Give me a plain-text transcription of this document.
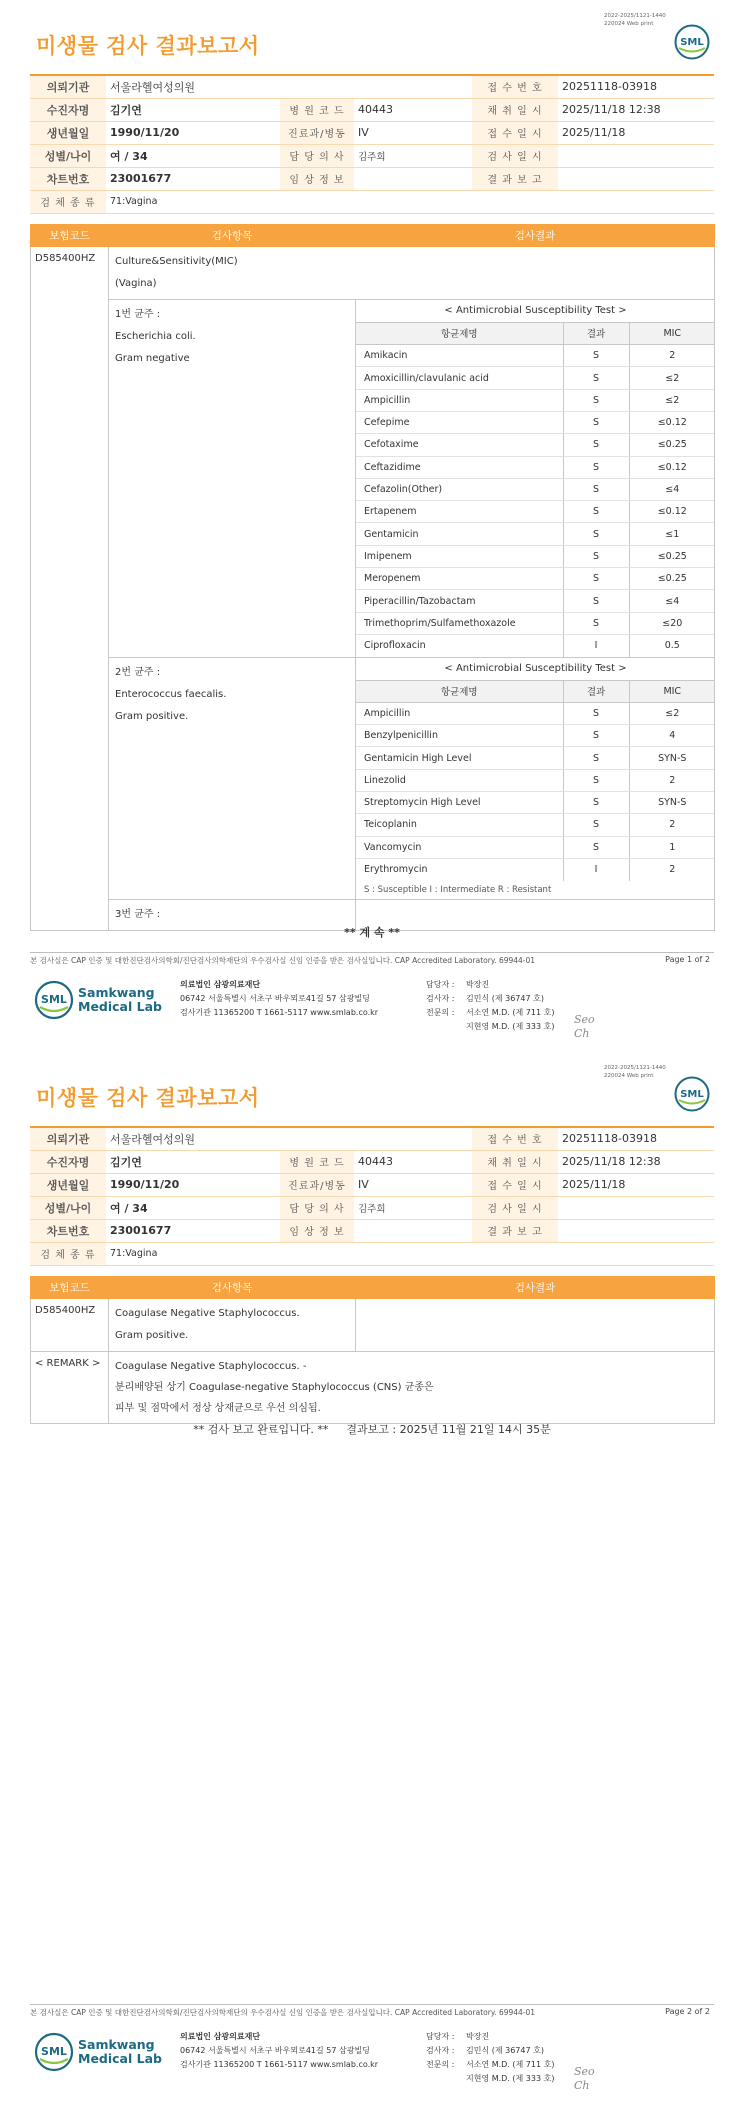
2022-2025/1121-1440
220024 Web print
미생물 검사 결과보고서	SML
의뢰기관	서울라헬여성의원			접 수 번 호	20251118-03918
수진자명	김기연	병 원 코 드	40443	채 취 일 시	2025/11/18 12:38
생년월일	1990/11/20	진료과/병동	IV	접 수 일 시	2025/11/18
성별/나이	여 / 34	담 당 의 사	김주희	검 사 일 시	
차트번호	23001677	임 상 정 보		결 과 보 고	
검 체 종 류	71:Vagina				
보험코드	검사항목	검사결과
D585400HZ	Culture&Sensitivity(MIC)
(Vagina)

1번 균주 :
Escherichia coli.
Gram negative

< Antimicrobial Susceptibility Test >
항균제명	결과	MIC
Amikacin	S	2
Amoxicillin/clavulanic acid	S	≤2
Ampicillin	S	≤2
Cefepime	S	≤0.12
Cefotaxime	S	≤0.25
Ceftazidime	S	≤0.12
Cefazolin(Other)	S	≤4
Ertapenem	S	≤0.12
Gentamicin	S	≤1
Imipenem	S	≤0.25
Meropenem	S	≤0.25
Piperacillin/Tazobactam	S	≤4
Trimethoprim/Sulfamethoxazole	S	≤20
Ciprofloxacin	I	0.5

2번 균주 :
Enterococcus faecalis.
Gram positive.

< Antimicrobial Susceptibility Test >
항균제명	결과	MIC
Ampicillin	S	≤2
Benzylpenicillin	S	4
Gentamicin High Level	S	SYN-S
Linezolid	S	2
Streptomycin High Level	S	SYN-S
Teicoplanin	S	2
Vancomycin	S	1
Erythromycin	I	2
S : Susceptible I : Intermediate R : Resistant

3번 균주 :	
** 계 속 **
본 검사실은 CAP 인증 및 대한진단검사의학회/진단검사의학재단의 우수검사실 신임 인증을 받은 검사실입니다. CAP Accredited Laboratory. 69944-01	Page 1 of 2
SML Samkwang
Medical Lab
의료법인 삼광의료재단
06742 서울특별시 서초구 바우뫼로41길 57 삼광빌딩
검사기관 11365200 T 1661-5117 www.smlab.co.kr
담당자 : 박장진
검사자 : 김민식 (제 36747 호)
전문의 : 서소연 M.D. (제 711 호)
지현영 M.D. (제 333 호)
Seo
Ch
2022-2025/1121-1440
220024 Web print
미생물 검사 결과보고서	SML
의뢰기관	서울라헬여성의원			접 수 번 호	20251118-03918
수진자명	김기연	병 원 코 드	40443	채 취 일 시	2025/11/18 12:38
생년월일	1990/11/20	진료과/병동	IV	접 수 일 시	2025/11/18
성별/나이	여 / 34	담 당 의 사	김주희	검 사 일 시	
차트번호	23001677	임 상 정 보		결 과 보 고	
검 체 종 류	71:Vagina				
보험코드	검사항목	검사결과
D585400HZ	Coagulase Negative Staphylococcus.
Gram positive.	

< REMARK >	Coagulase Negative Staphylococcus. -
분리배양된 상기 Coagulase-negative Staphylococcus (CNS) 균종은
피부 및 점막에서 정상 상재균으로 우선 의심됨.	
** 검사 보고 완료입니다. ** 결과보고 : 2025년 11월 21일 14시 35분
본 검사실은 CAP 인증 및 대한진단검사의학회/진단검사의학재단의 우수검사실 신임 인증을 받은 검사실입니다. CAP Accredited Laboratory. 69944-01	Page 2 of 2
SML Samkwang
Medical Lab
의료법인 삼광의료재단
06742 서울특별시 서초구 바우뫼로41길 57 삼광빌딩
검사기관 11365200 T 1661-5117 www.smlab.co.kr
담당자 : 박장진
검사자 : 김민식 (제 36747 호)
전문의 : 서소연 M.D. (제 711 호)
지현영 M.D. (제 333 호)
Seo
Ch
